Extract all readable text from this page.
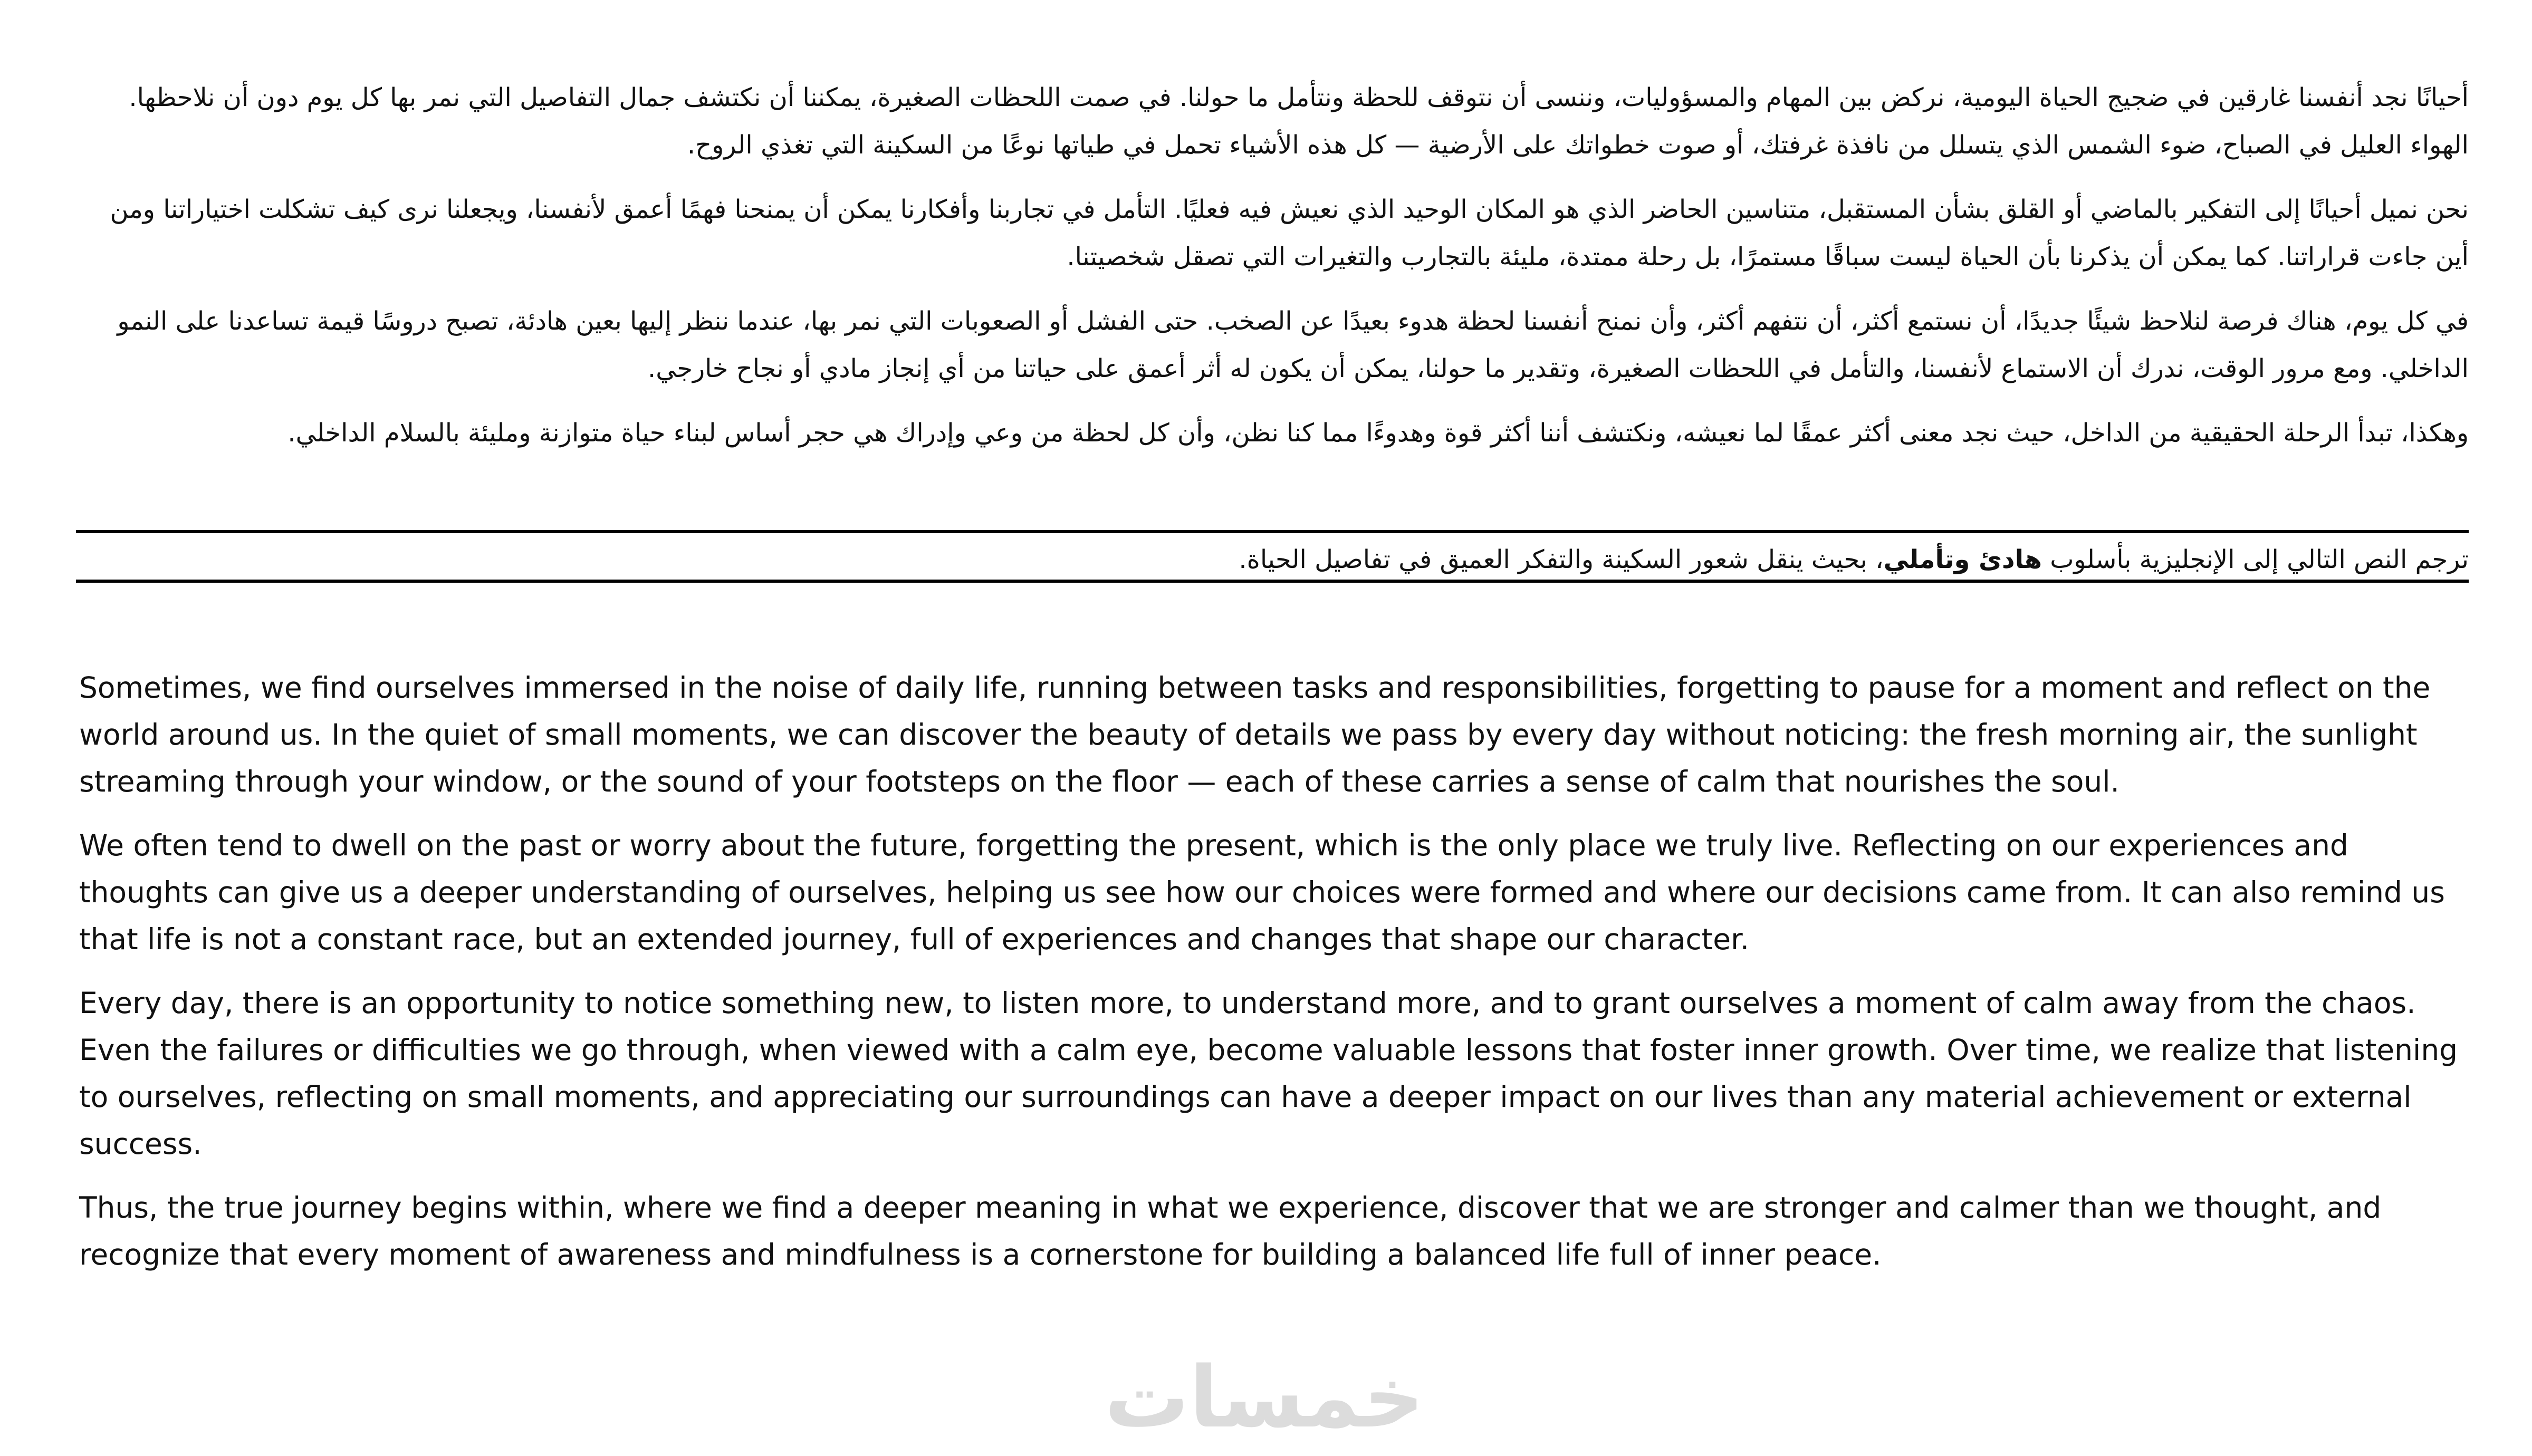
أحيانًا نجد أنفسنا غارقين في ضجيج الحياة اليومية، نركض بين المهام والمسؤوليات، وننسى أن نتوقف للحظة ونتأمل ما حولنا. في صمت اللحظات الصغيرة، يمكننا أن نكتشف جمال التفاصيل التي نمر بها كل يوم دون أن نلاحظها. الهواء العليل في الصباح، ضوء الشمس الذي يتسلل من نافذة غرفتك، أو صوت خطواتك على الأرضية — كل هذه الأشياء تحمل في طياتها نوعًا من السكينة التي تغذي الروح.

نحن نميل أحيانًا إلى التفكير بالماضي أو القلق بشأن المستقبل، متناسين الحاضر الذي هو المكان الوحيد الذي نعيش فيه فعليًا. التأمل في تجاربنا وأفكارنا يمكن أن يمنحنا فهمًا أعمق لأنفسنا، ويجعلنا نرى كيف تشكلت اختياراتنا ومن أين جاءت قراراتنا. كما يمكن أن يذكرنا بأن الحياة ليست سباقًا مستمرًا، بل رحلة ممتدة، مليئة بالتجارب والتغيرات التي تصقل شخصيتنا.

في كل يوم، هناك فرصة لنلاحظ شيئًا جديدًا، أن نستمع أكثر، أن نتفهم أكثر، وأن نمنح أنفسنا لحظة هدوء بعيدًا عن الصخب. حتى الفشل أو الصعوبات التي نمر بها، عندما ننظر إليها بعين هادئة، تصبح دروسًا قيمة تساعدنا على النمو الداخلي. ومع مرور الوقت، ندرك أن الاستماع لأنفسنا، والتأمل في اللحظات الصغيرة، وتقدير ما حولنا، يمكن أن يكون له أثر أعمق على حياتنا من أي إنجاز مادي أو نجاح خارجي.

وهكذا، تبدأ الرحلة الحقيقية من الداخل، حيث نجد معنى أكثر عمقًا لما نعيشه، ونكتشف أننا أكثر قوة وهدوءًا مما كنا نظن، وأن كل لحظة من وعي وإدراك هي حجر أساس لبناء حياة متوازنة ومليئة بالسلام الداخلي.

ترجم النص التالي إلى الإنجليزية بأسلوب هادئ وتأملي، بحيث ينقل شعور السكينة والتفكر العميق في تفاصيل الحياة.

Sometimes, we find ourselves immersed in the noise of daily life, running between tasks and responsibilities, forgetting to pause for a moment and reflect on the world around us. In the quiet of small moments, we can discover the beauty of details we pass by every day without noticing: the fresh morning air, the sunlight streaming through your window, or the sound of your footsteps on the floor — each of these carries a sense of calm that nourishes the soul.

We often tend to dwell on the past or worry about the future, forgetting the present, which is the only place we truly live. Reflecting on our experiences and thoughts can give us a deeper understanding of ourselves, helping us see how our choices were formed and where our decisions came from. It can also remind us that life is not a constant race, but an extended journey, full of experiences and changes that shape our character.

Every day, there is an opportunity to notice something new, to listen more, to understand more, and to grant ourselves a moment of calm away from the chaos. Even the failures or difficulties we go through, when viewed with a calm eye, become valuable lessons that foster inner growth. Over time, we realize that listening to ourselves, reflecting on small moments, and appreciating our surroundings can have a deeper impact on our lives than any material achievement or external success.

Thus, the true journey begins within, where we find a deeper meaning in what we experience, discover that we are stronger and calmer than we thought, and recognize that every moment of awareness and mindfulness is a cornerstone for building a balanced life full of inner peace.

خمسات
